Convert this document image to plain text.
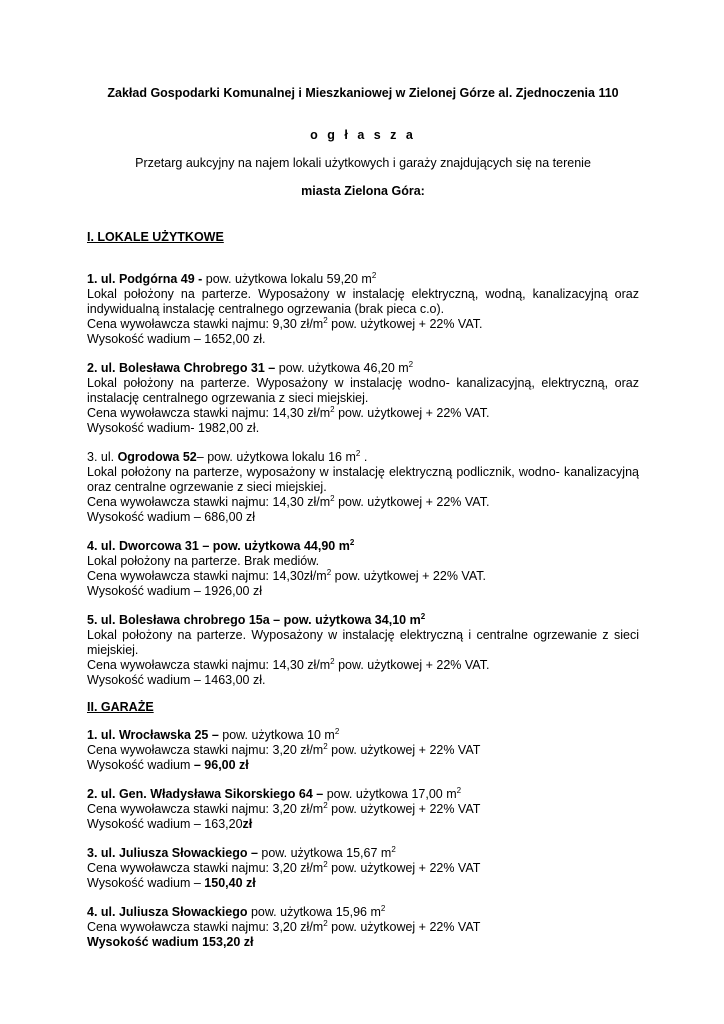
Zakład Gospodarki Komunalnej i Mieszkaniowej w Zielonej Górze al. Zjednoczenia 110
o g ł a s z a
Przetarg aukcyjny na najem lokali użytkowych i garaży znajdujących się na terenie
miasta Zielona Góra:
I. LOKALE UŻYTKOWE
1. ul. Podgórna 49 - pow. użytkowa lokalu 59,20 $m^2$
Lokal położony na parterze. Wyposażony w instalację elektryczną, wodną, kanalizacyjną oraz indywidualną instalację centralnego ogrzewania (brak pieca c.o).
Cena wywoławcza stawki najmu: 9,30 $zł/m^2$ pow. użytkowej + 22% VAT.
Wysokość wadium – 1652,00 zł.
2. ul. Bolesława Chrobrego 31 – pow. użytkowa 46,20 $m^2$
Lokal położony na parterze. Wyposażony w instalację wodno- kanalizacyjną, elektryczną, oraz instalację centralnego ogrzewania z sieci miejskiej.
Cena wywoławcza stawki najmu: 14,30 $zł/m^2$ pow. użytkowej + 22% VAT.
Wysokość wadium- 1982,00 zł.
3. ul. Ogrodowa 52– pow. użytkowa lokalu 16 $m^2$ .
Lokal położony na parterze, wyposażony w instalację elektryczną podlicznik, wodno- kanalizacyjną oraz centralne ogrzewanie z sieci miejskiej.
Cena wywoławcza stawki najmu: 14,30 $zł/m^2$ pow. użytkowej + 22% VAT.
Wysokość wadium – 686,00 zł
4. ul. Dworcowa 31 – pow. użytkowa 44,90 $m^2$
Lokal położony na parterze. Brak mediów.
Cena wywoławcza stawki najmu: $14,30zł/m^2$ pow. użytkowej + 22% VAT.
Wysokość wadium – 1926,00 zł
5. ul. Bolesława chrobrego 15a – pow. użytkowa 34,10 $m^2$
Lokal położony na parterze. Wyposażony w instalację elektryczną i centralne ogrzewanie z sieci miejskiej.
Cena wywoławcza stawki najmu: 14,30 $zł/m^2$ pow. użytkowej + 22% VAT.
Wysokość wadium – 1463,00 zł.
II. GARAŻE
1. ul. Wrocławska 25 – pow. użytkowa 10 $m^2$
Cena wywoławcza stawki najmu: 3,20 $zł/m^2$ pow. użytkowej + 22% VAT
Wysokość wadium – 96,00 zł
2. ul. Gen. Władysława Sikorskiego 64 – pow. użytkowa 17,00 $m^2$
Cena wywoławcza stawki najmu: 3,20 $zł/m^2$ pow. użytkowej + 22% VAT
Wysokość wadium – 163,20zł
3. ul. Juliusza Słowackiego – pow. użytkowa 15,67 $m^2$
Cena wywoławcza stawki najmu: 3,20 $zł/m^2$ pow. użytkowej + 22% VAT
Wysokość wadium – 150,40 zł
4. ul. Juliusza Słowackiego pow. użytkowa 15,96 $m^2$
Cena wywoławcza stawki najmu: 3,20 $zł/m^2$ pow. użytkowej + 22% VAT
Wysokość wadium 153,20 zł
